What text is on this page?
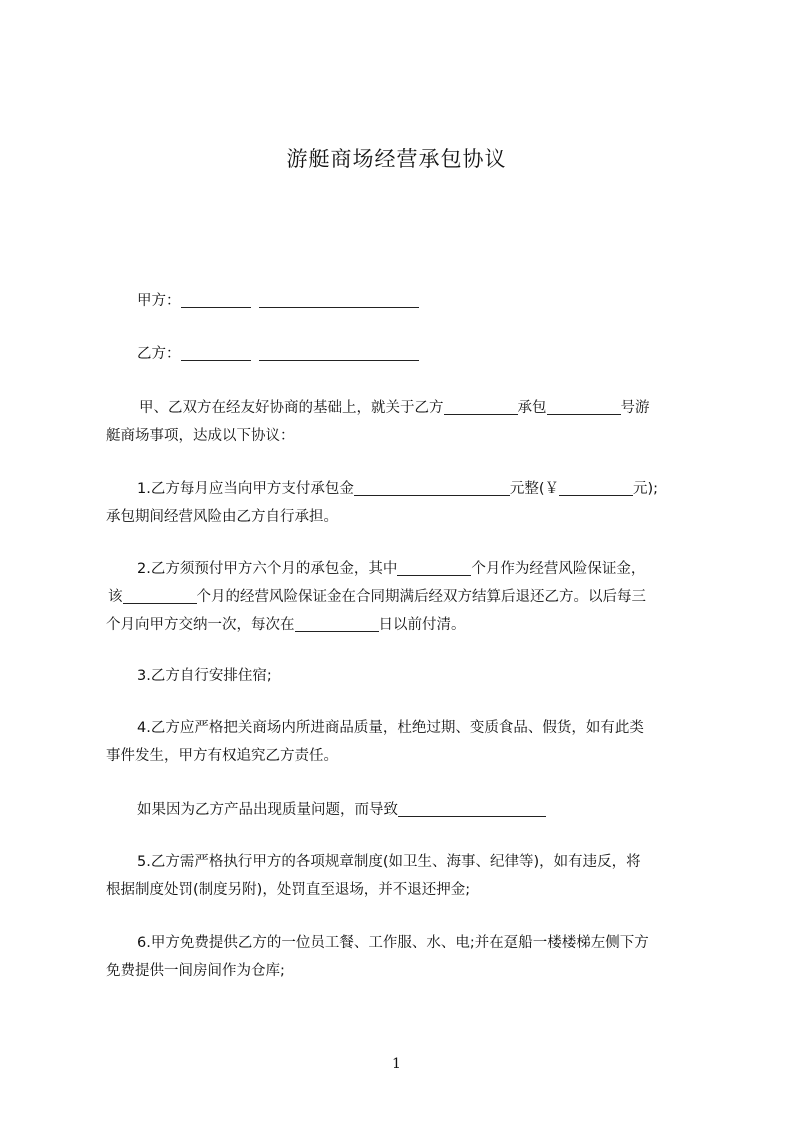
游艇商场经营承包协议
甲方：
乙方：
甲、乙双方在经友好协商的基础上，就关于乙方	承包	号游
艇商场事项，达成以下协议：
1.乙方每月应当向甲方支付承包金	元整(￥	元);
承包期间经营风险由乙方自行承担。
2.乙方须预付甲方六个月的承包金，其中	个月作为经营风险保证金，
该	个月的经营风险保证金在合同期满后经双方结算后退还乙方。以后每三
个月向甲方交纳一次，每次在	日以前付清。
3.乙方自行安排住宿;
4.乙方应严格把关商场内所进商品质量，杜绝过期、变质食品、假货，如有此类
事件发生，甲方有权追究乙方责任。
如果因为乙方产品出现质量问题，而导致
5.乙方需严格执行甲方的各项规章制度(如卫生、海事、纪律等)，如有违反，将
根据制度处罚(制度另附)，处罚直至退场，并不退还押金;
6.甲方免费提供乙方的一位员工餐、工作服、水、电;并在趸船一楼楼梯左侧下方
免费提供一间房间作为仓库;
1
